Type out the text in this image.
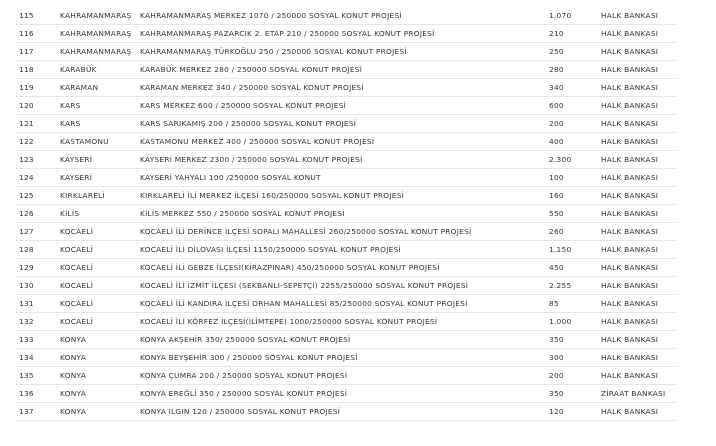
115	KAHRAMANMARAŞ	KAHRAMANMARAŞ MERKEZ 1070 / 250000 SOSYAL KONUT PROJESİ	1.070	HALK BANKASI
116	KAHRAMANMARAŞ	KAHRAMANMARAŞ PAZARCIK 2. ETAP 210 / 250000 SOSYAL KONUT PROJESİ	210	HALK BANKASI
117	KAHRAMANMARAŞ	KAHRAMANMARAŞ TÜRKOĞLU 250 / 250000 SOSYAL KONUT PROJESİ	250	HALK BANKASI
118	KARABÜK	KARABÜK MERKEZ 280 / 250000 SOSYAL KONUT PROJESİ	280	HALK BANKASI
119	KARAMAN	KARAMAN MERKEZ 340 / 250000 SOSYAL KONUT PROJESİ	340	HALK BANKASI
120	KARS	KARS MERKEZ 600 / 250000 SOSYAL KONUT PROJESİ	600	HALK BANKASI
121	KARS	KARS SARIKAMIŞ 200 / 250000 SOSYAL KONUT PROJESİ	200	HALK BANKASI
122	KASTAMONU	KASTAMONU MERKEZ 400 / 250000 SOSYAL KONUT PROJESİ	400	HALK BANKASI
123	KAYSERİ	KAYSERİ MERKEZ 2300 / 250000 SOSYAL KONUT PROJESİ	2.300	HALK BANKASI
124	KAYSERİ	KAYSERİ YAHYALI 100 /250000 SOSYAL KONUT	100	HALK BANKASI
125	KIRKLARELİ	KIRKLARELİ İLİ MERKEZ İLÇESİ 160/250000 SOSYAL KONUT PROJESİ	160	HALK BANKASI
126	KİLİS	KİLİS MERKEZ 550 / 250000 SOSYAL KONUT PROJESİ	550	HALK BANKASI
127	KOCAELİ	KOCAELİ İLİ DERİNCE İLÇESİ SOPALI MAHALLESİ 260/250000 SOSYAL KONUT PROJESİ	260	HALK BANKASI
128	KOCAELİ	KOCAELİ İLİ DİLOVASI İLÇESİ 1150/250000 SOSYAL KONUT PROJESİ	1.150	HALK BANKASI
129	KOCAELİ	KOCAELİ İLİ GEBZE İLÇESİ(KİRAZPINAR) 450/250000 SOSYAL KONUT PROJESİ	450	HALK BANKASI
130	KOCAELİ	KOCAELİ İLİ İZMİT İLÇESİ (SEKBANLI-SEPETÇİ) 2255/250000 SOSYAL KONUT PROJESİ	2.255	HALK BANKASI
131	KOCAELİ	KOCAELİ İLİ KANDIRA İLÇESİ ORHAN MAHALLESİ 85/250000 SOSYAL KONUT PROJESİ	85	HALK BANKASI
132	KOCAELİ	KOCAELİ İLİ KÖRFEZ İLÇESİ(İLİMTEPE) 1000/250000 SOSYAL KONUT PROJESİ	1.000	HALK BANKASI
133	KONYA	KONYA AKŞEHİR 350/ 250000 SOSYAL KONUT PROJESİ	350	HALK BANKASI
134	KONYA	KONYA BEYŞEHİR 300 / 250000 SOSYAL KONUT PROJESİ	300	HALK BANKASI
135	KONYA	KONYA ÇUMRA 200 / 250000 SOSYAL KONUT PROJESİ	200	HALK BANKASI
136	KONYA	KONYA EREĞLİ 350 / 250000 SOSYAL KONUT PROJESİ	350	ZİRAAT BANKASI
137	KONYA	KONYA ILGIN 120 / 250000 SOSYAL KONUT PROJESİ	120	HALK BANKASI
